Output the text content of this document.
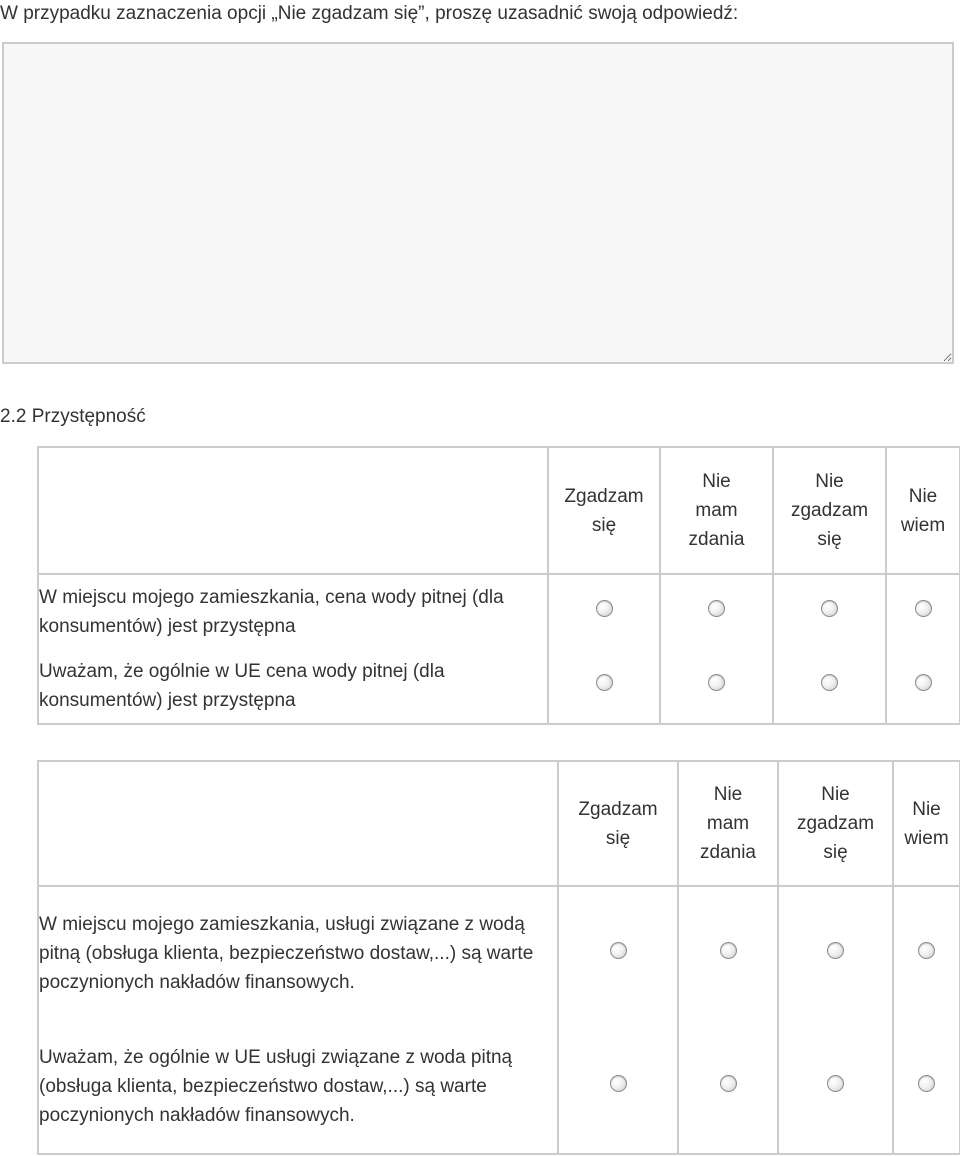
W przypadku zaznaczenia opcji „Nie zgadzam się”, proszę uzasadnić swoją odpowiedź:
2.2 Przystępność

	Zgadzam się	Nie mam zdania	Nie zgadzam się	Nie wiem

W miejscu mojego zamieszkania, cena wody pitnej (dla konsumentów) jest przystępna				
Uważam, że ogólnie w UE cena wody pitnej (dla konsumentów) jest przystępna				

	Zgadzam się	Nie mam zdania	Nie zgadzam się	Nie wiem

W miejscu mojego zamieszkania, usługi związane z wodą pitną (obsługa klienta, bezpieczeństwo dostaw,...) są warte poczynionych nakładów finansowych.				
Uważam, że ogólnie w UE usługi związane z woda pitną (obsługa klienta, bezpieczeństwo dostaw,...) są warte poczynionych nakładów finansowych.				
